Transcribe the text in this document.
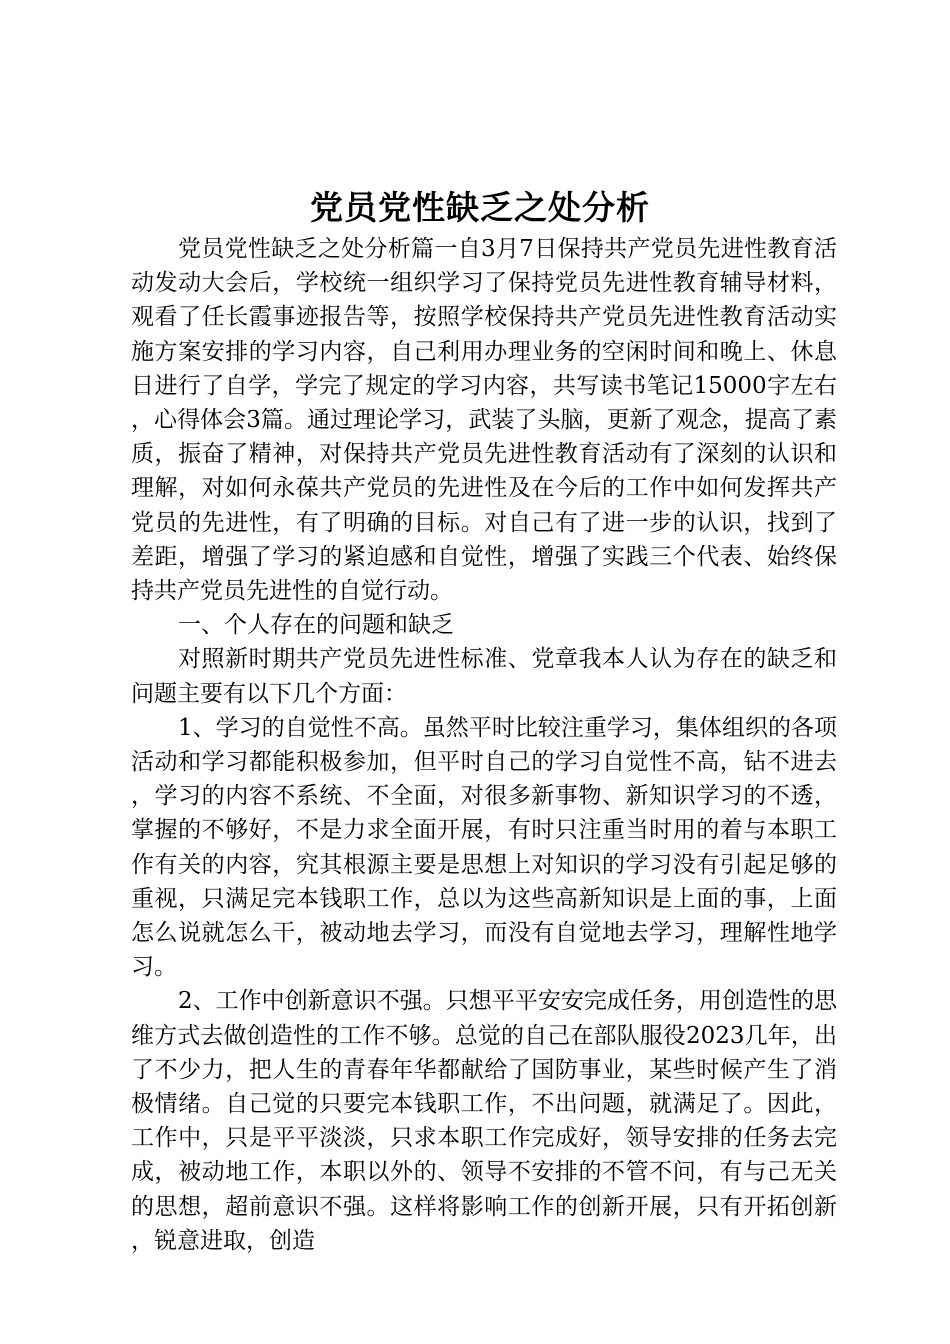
党员党性缺乏之处分析

党员党性缺乏之处分析篇一自3月7日保持共产党员先进性教育活动发动大会后，学校统一组织学习了保持党员先进性教育辅导材料，观看了任长霞事迹报告等，按照学校保持共产党员先进性教育活动实施方案安排的学习内容，自己利用办理业务的空闲时间和晚上、休息日进行了自学，学完了规定的学习内容，共写读书笔记15000字左右，心得体会3篇。通过理论学习，武装了头脑，更新了观念，提高了素质，振奋了精神，对保持共产党员先进性教育活动有了深刻的认识和理解，对如何永葆共产党员的先进性及在今后的工作中如何发挥共产党员的先进性，有了明确的目标。对自己有了进一步的认识，找到了差距，增强了学习的紧迫感和自觉性，增强了实践三个代表、始终保持共产党员先进性的自觉行动。

一、个人存在的问题和缺乏

对照新时期共产党员先进性标准、党章我本人认为存在的缺乏和问题主要有以下几个方面：

1、学习的自觉性不高。虽然平时比较注重学习，集体组织的各项活动和学习都能积极参加，但平时自己的学习自觉性不高，钻不进去，学习的内容不系统、不全面，对很多新事物、新知识学习的不透，掌握的不够好，不是力求全面开展，有时只注重当时用的着与本职工作有关的内容，究其根源主要是思想上对知识的学习没有引起足够的重视，只满足完本钱职工作，总以为这些高新知识是上面的事，上面怎么说就怎么干，被动地去学习，而没有自觉地去学习，理解性地学习。

2、工作中创新意识不强。只想平平安安完成任务，用创造性的思维方式去做创造性的工作不够。总觉的自己在部队服役2023几年，出了不少力，把人生的青春年华都献给了国防事业，某些时候产生了消极情绪。自己觉的只要完本钱职工作，不出问题，就满足了。因此，工作中，只是平平淡淡，只求本职工作完成好，领导安排的任务去完成，被动地工作，本职以外的、领导不安排的不管不问，有与己无关的思想，超前意识不强。这样将影响工作的创新开展，只有开拓创新，锐意进取，创造
